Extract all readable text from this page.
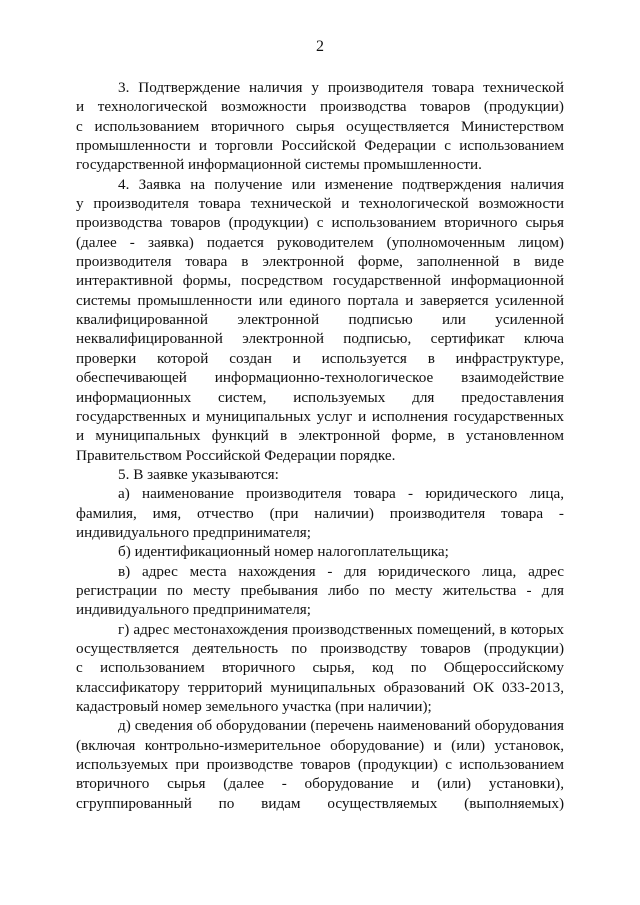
2
3. Подтверждение наличия у производителя товара технической
и технологической возможности производства товаров (продукции)
с использованием вторичного сырья осуществляется Министерством
промышленности и торговли Российской Федерации с использованием
государственной информационной системы промышленности.
4. Заявка на получение или изменение подтверждения наличия
у производителя товара технической и технологической возможности
производства товаров (продукции) с использованием вторичного сырья
(далее - заявка) подается руководителем (уполномоченным лицом)
производителя товара в электронной форме, заполненной в виде
интерактивной формы, посредством государственной информационной
системы промышленности или единого портала и заверяется усиленной
квалифицированной электронной подписью или усиленной
неквалифицированной электронной подписью, сертификат ключа
проверки которой создан и используется в инфраструктуре,
обеспечивающей информационно-технологическое взаимодействие
информационных систем, используемых для предоставления
государственных и муниципальных услуг и исполнения государственных
и муниципальных функций в электронной форме, в установленном
Правительством Российской Федерации порядке.
5. В заявке указываются:
а) наименование производителя товара - юридического лица,
фамилия, имя, отчество (при наличии) производителя товара -
индивидуального предпринимателя;
б) идентификационный номер налогоплательщика;
в) адрес места нахождения - для юридического лица, адрес
регистрации по месту пребывания либо по месту жительства - для
индивидуального предпринимателя;
г) адрес местонахождения производственных помещений, в которых
осуществляется деятельность по производству товаров (продукции)
с использованием вторичного сырья, код по Общероссийскому
классификатору территорий муниципальных образований ОК 033-2013,
кадастровый номер земельного участка (при наличии);
д) сведения об оборудовании (перечень наименований оборудования
(включая контрольно-измерительное оборудование) и (или) установок,
используемых при производстве товаров (продукции) с использованием
вторичного сырья (далее - оборудование и (или) установки),
сгруппированный по видам осуществляемых (выполняемых)
